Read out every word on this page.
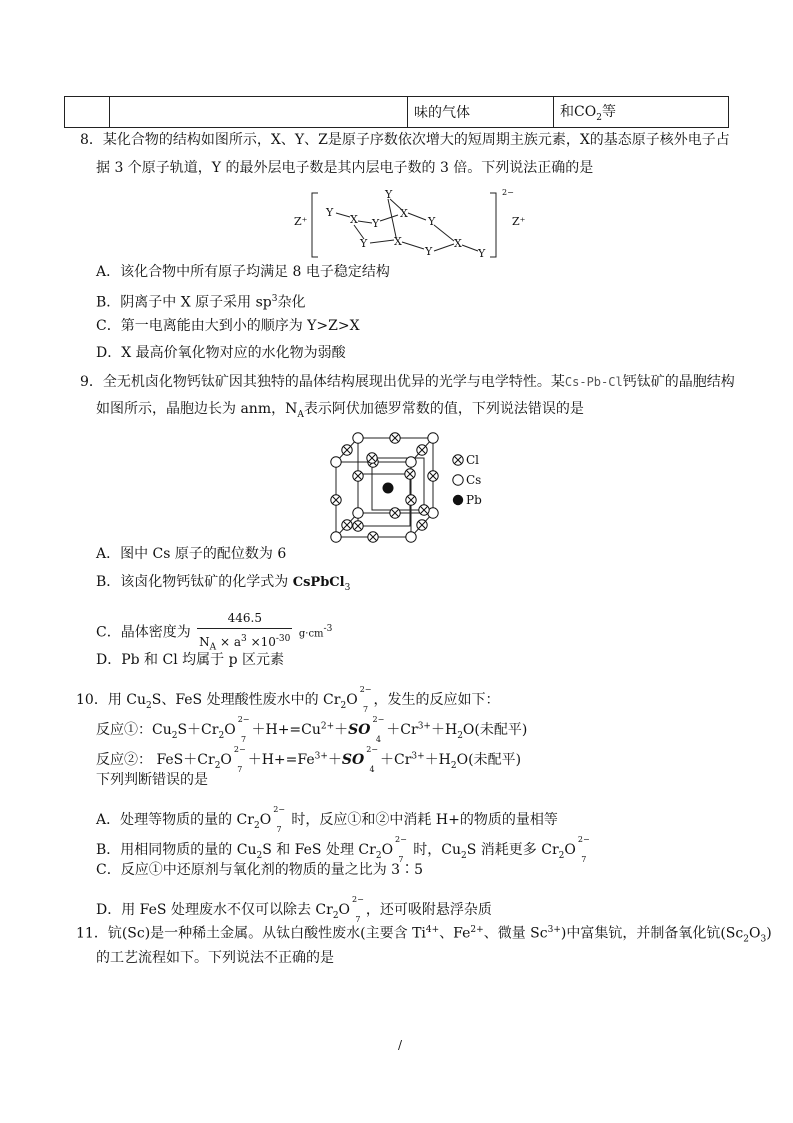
		味的气体	和$CO_2$等
8．某化合物的结构如图所示，X、Y、Z是原子序数依次增大的短周期主族元素，X的基态原子核外电子占
据 3 个原子轨道，Y 的最外层电子数是其内层电子数的 3 倍。下列说法正确的是
Z⁺	Z⁺
2−
Y
X Y
Y
X
Y
Y X
Y
X
Y
A．该化合物中所有原子均满足 8 电子稳定结构
B．阴离子中 X 原子采用 $sp^3$杂化
C．第一电离能由大到小的顺序为 Y>Z>X
D．X 最高价氧化物对应的水化物为弱酸
9．全无机卤化物钙钛矿因其独特的晶体结构展现出优异的光学与电学特性。某Cs-Pb-Cl钙钛矿的晶胞结构
如图所示，晶胞边长为 anm，$N_A$表示阿伏加德罗常数的值，下列说法错误的是
Cl
Cs
Pb
A．图中 Cs 原子的配位数为 6
B．该卤化物钙钛矿的化学式为 CsPbCl$_3$
C．晶体密度为 $\frac{446.5}{N_A \times a^3 \times 10^{-30}} g\cdot cm^{-3}$
D．Pb 和 Cl 均属于 p 区元素
10．用 $Cu_2S$、FeS 处理酸性废水中的 $Cr_2O2-$
7，发生的反应如下：
反应①：$Cu_2S+Cr_2O2-$
$7+H+=Cu^{2+}+SO2-$
$4+Cr^{3+}+H_2O$(未配平)
反应②： $FeS+Cr_2O2-$
$7+H+=Fe^{3+}+SO2-$
$4+Cr^{3+}+H_2O$(未配平)
下列判断错误的是
A．处理等物质的量的 $Cr_2O2-$
7 时，反应①和②中消耗 H+的物质的量相等
B．用相同物质的量的 $Cu_2S$ 和 FeS 处理 $Cr_2O2-$
7 时，$Cu_2S$ 消耗更多 $Cr_2O2-$
7
C．反应①中还原剂与氧化剂的物质的量之比为 3∶5
D．用 FeS 处理废水不仅可以除去 $Cr_2O2-$
7，还可吸附悬浮杂质
11．钪(Sc)是一种稀土金属。从钛白酸性废水(主要含 $Ti^{4+}$、$Fe^{2+}$、微量 $Sc^{3+}$)中富集钪，并制备氧化钪$(Sc_2O_3)$
的工艺流程如下。下列说法不正确的是
/
